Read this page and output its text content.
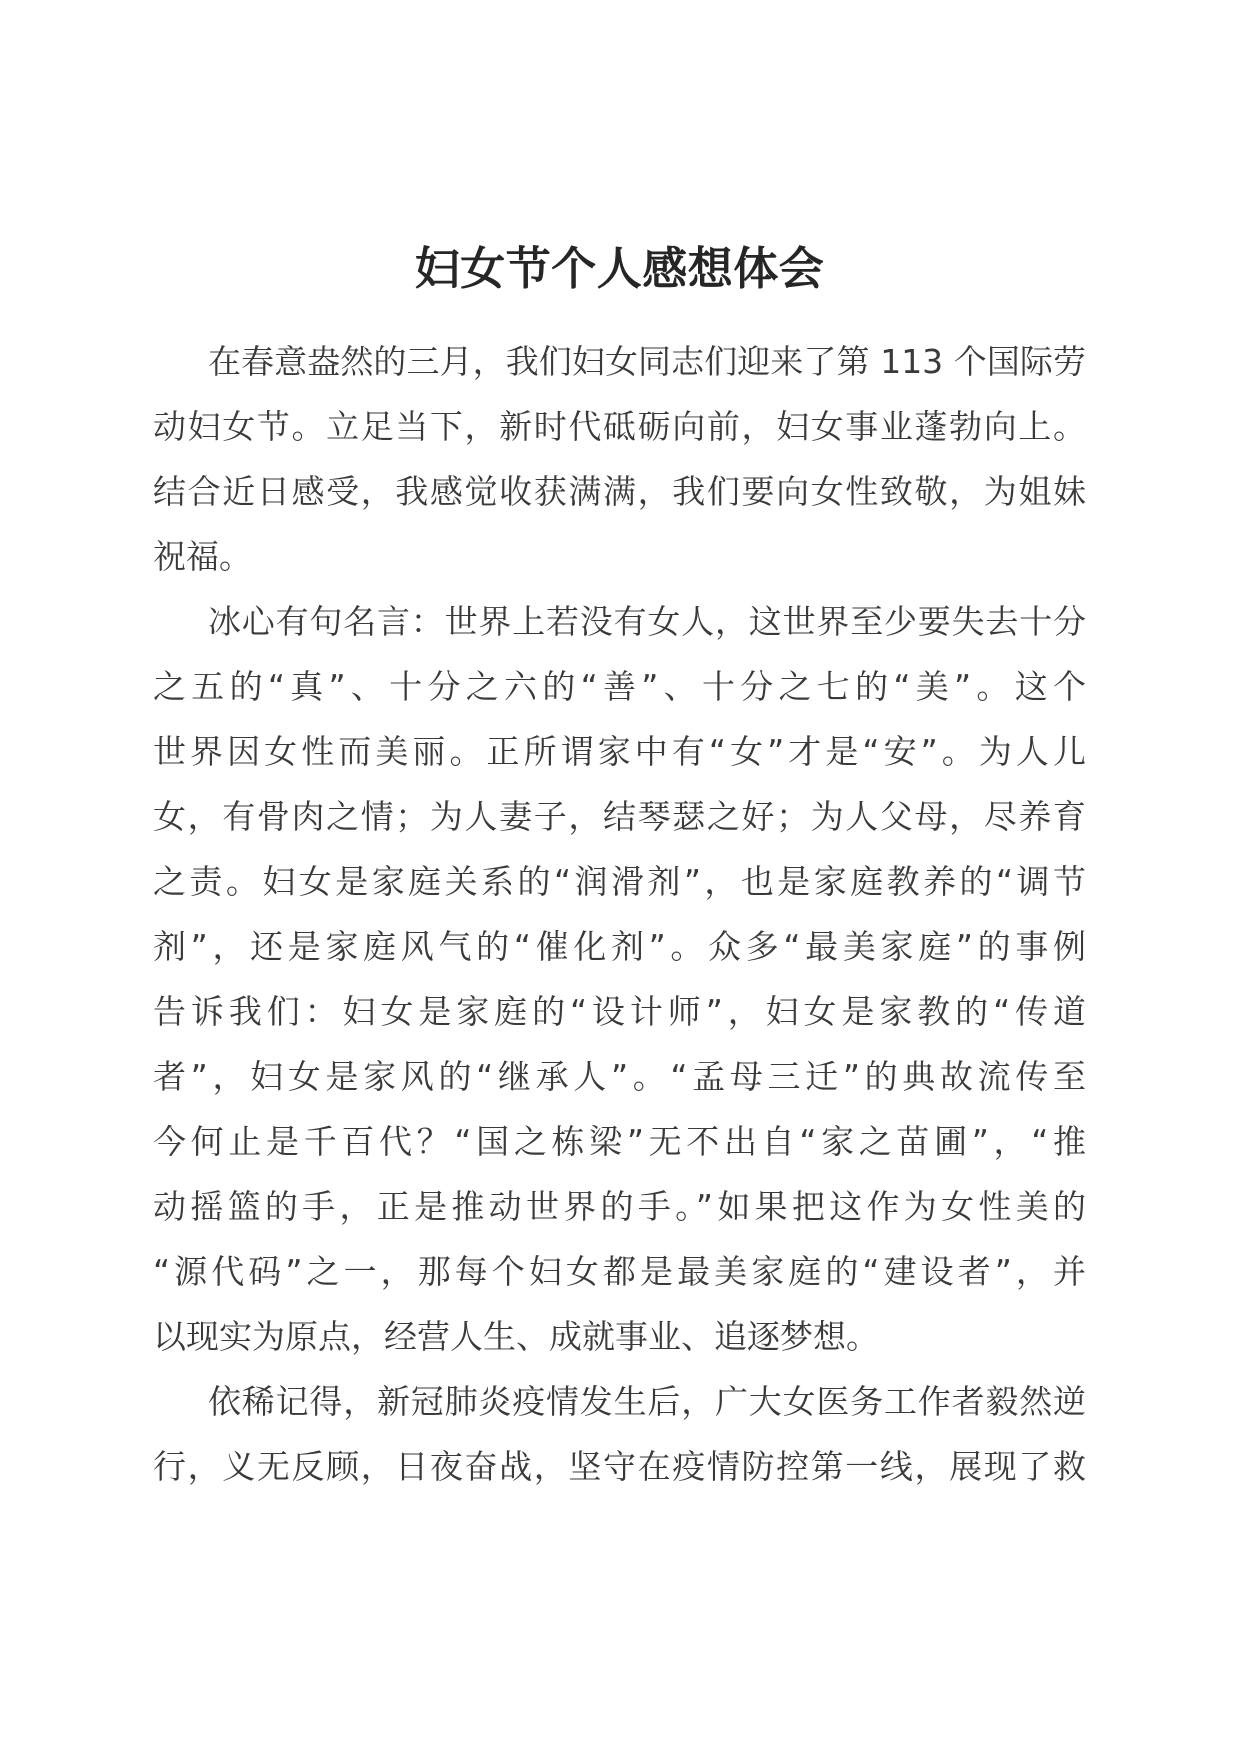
妇女节个人感想体会
在春意盎然的三月，我们妇女同志们迎来了第 113 个国际劳
动妇女节。立足当下，新时代砥砺向前，妇女事业蓬勃向上。
结合近日感受，我感觉收获满满，我们要向女性致敬，为姐妹
祝福。
冰心有句名言：世界上若没有女人，这世界至少要失去十分
之五的“真”、十分之六的“善”、十分之七的“美”。这个
世界因女性而美丽。正所谓家中有“女”才是“安”。为人儿
女，有骨肉之情；为人妻子，结琴瑟之好；为人父母，尽养育
之责。妇女是家庭关系的“润滑剂”，也是家庭教养的“调节
剂”，还是家庭风气的“催化剂”。众多“最美家庭”的事例
告诉我们：妇女是家庭的“设计师”，妇女是家教的“传道
者”，妇女是家风的“继承人”。“孟母三迁”的典故流传至
今何止是千百代？“国之栋梁”无不出自“家之苗圃”，“推
动摇篮的手，正是推动世界的手。”如果把这作为女性美的
“源代码”之一，那每个妇女都是最美家庭的“建设者”，并
以现实为原点，经营人生、成就事业、追逐梦想。
依稀记得，新冠肺炎疫情发生后，广大女医务工作者毅然逆
行，义无反顾，日夜奋战，坚守在疫情防控第一线，展现了救
